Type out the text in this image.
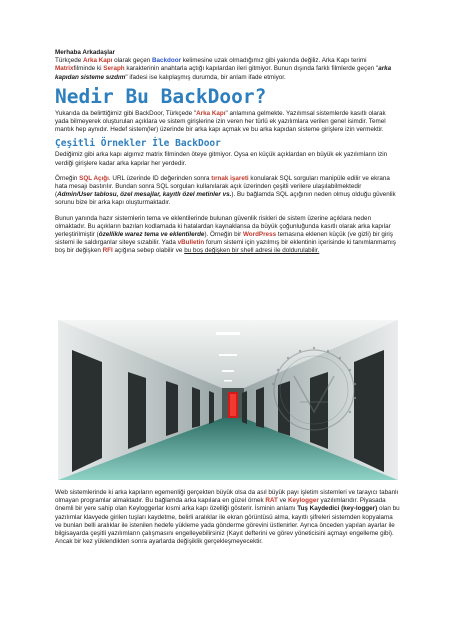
Merhaba Arkadaşlar

Türkçede Arka Kapı olarak geçen Backdoor kelimesine uzak olmadığımız gibi yakında değiliz. Arka Kapı terimi Matrixfilminde ki Seraph karakterinin anahtarla açtığı kapılardan ileri gitmiyor. Bunun dışında farklı filmlerde geçen "arka kapıdan sisteme sızdım" ifadesi ise kalıplaşmış durumda, bir anlam ifade etmiyor.

Nedir Bu BackDoor?

Yukarıda da belirttiğimiz gibi BackDoor, Türkçede "Arka Kapı" anlamına gelmekte. Yazılımsal sistemlerde kasıtlı olarak yada bilmeyerek oluşturulan açıklara ve sistem girişlerine izin veren her türlü ek yazılımlara verilen genel isimdir. Temel mantık hep aynıdır. Hedef sistem(ler) üzerinde bir arka kapı açmak ve bu arka kapıdan sisteme girişlere izin vermektir.

Çeşitli Örnekler İle BackDoor

Dediğimiz gibi arka kapı algımız matrix filminden öteye gitmiyor. Oysa en küçük açıklardan en büyük ek yazılımların izin verdiği girişlere kadar arka kapılar her yerdedir.

Örneğin SQL Açığı. URL üzerinde ID değerinden sonra tırnak işareti konularak SQL sorguları manipüle edilir ve ekrana hata mesajı bastırılır. Bundan sonra SQL sorguları kullanılarak açık üzerinden çeşitli verilere ulaşılabilmektedir (Admin/User tablosu, özel mesajlar, kayıtlı özel metinler vs.). Bu bağlamda SQL açığının neden olmuş olduğu güvenlik sorunu bize bir arka kapı oluşturmaktadır.

Bunun yanında hazır sistemlerin tema ve eklentilerinde bulunan güvenlik riskleri de sistem üzerine açıklara neden olmaktadır. Bu açıkların bazıları kodlamada ki hatalardan kaynaklansa da büyük çoğunluğunda kasıtlı olarak arka kapılar yerleştirilmiştir (özellikle warez tema ve eklentilerde). Örneğin bir WordPress temasına eklenen küçük (ve gizli) bir giriş sistemi ile saldırganlar siteye sızabilir. Yada vBulletin forum sistemi için yazılmış bir eklentinin içerisinde ki tanımlanmamış boş bir değişken RFI açığına sebep olabilir ve bu boş değişken bir shell adresi ile doldurulabilir.

Web sistemlerinde ki arka kapıların egemenliği gerçekten büyük olsa da asıl büyük payı işletim sistemleri ve tarayıcı tabanlı olmayan programlar almaktadır. Bu bağlamda arka kapılara en güzel örnek RAT ve Keylogger yazılımlarıdır. Piyasada önemli bir yere sahip olan Keyloggerlar kısmi arka kapı özelliği gösterir. İsminin anlamı Tuş Kaydedici (key-logger) olan bu yazılımlar klavyede girilen tuşları kaydetme, belirli aralıklar ile ekran görüntüsü alma, kayıtlı şifreleri sistemden kopyalama ve bunları belli aralıklar ile istenilen hedefe yükleme yada gönderme görevini üstlenirler. Ayrıca önceden yapılan ayarlar ile bilgisayarda çeşitli yazılımların çalışmasını engelleyebilirsiniz (Kayıt defterini ve görev yöneticisini açmayı engelleme gibi). Ancak bir kez yüklendikten sonra ayarlarda değişiklik gerçekleşmeyecektir.
